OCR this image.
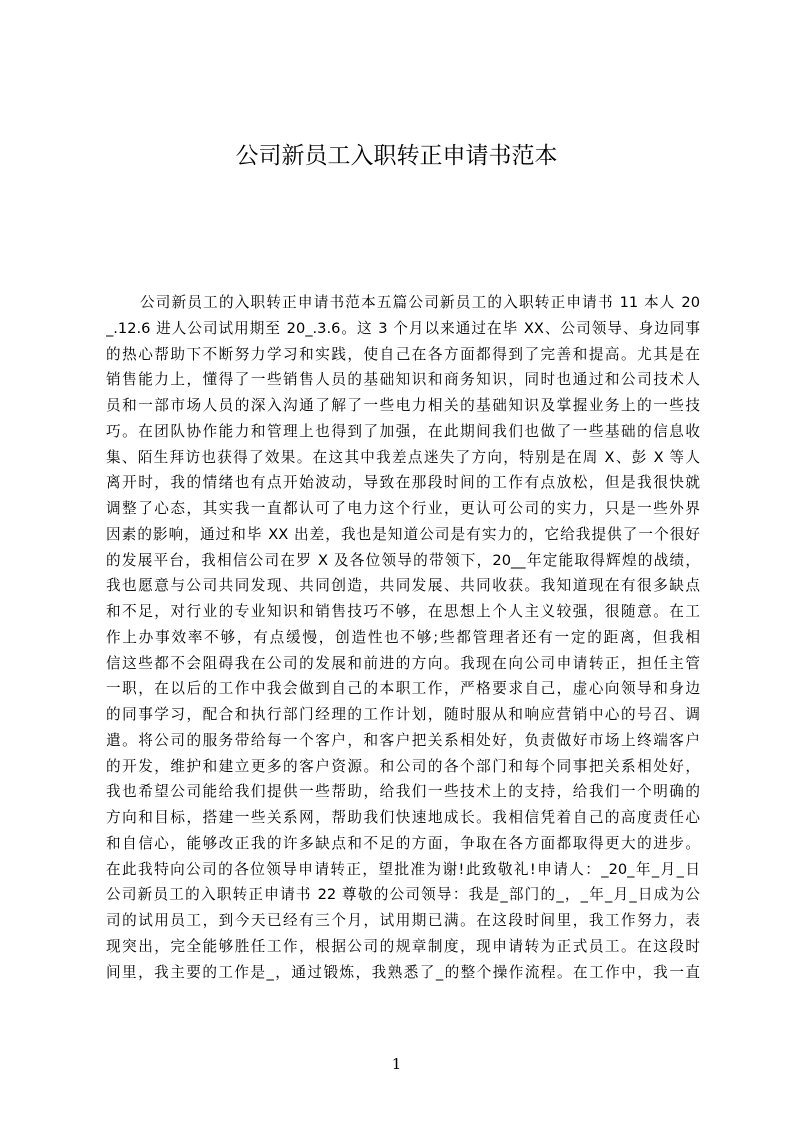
公司新员工入职转正申请书范本
公司新员工的入职转正申请书范本五篇公司新员工的入职转正申请书 11 本人 20
_.12.6 进人公司试用期至 20_.3.6。这 3 个月以来通过在毕 XX、公司领导、身边同事
的热心帮助下不断努力学习和实践，使自己在各方面都得到了完善和提高。尤其是在
销售能力上，懂得了一些销售人员的基础知识和商务知识，同时也通过和公司技术人
员和一部市场人员的深入沟通了解了一些电力相关的基础知识及掌握业务上的一些技
巧。在团队协作能力和管理上也得到了加强，在此期间我们也做了一些基础的信息收
集、陌生拜访也获得了效果。在这其中我差点迷失了方向，特别是在周 X、彭 X 等人
离开时，我的情绪也有点开始波动，导致在那段时间的工作有点放松，但是我很快就
调整了心态，其实我一直都认可了电力这个行业，更认可公司的实力，只是一些外界
因素的影响，通过和毕 XX 出差，我也是知道公司是有实力的，它给我提供了一个很好
的发展平台，我相信公司在罗 X 及各位领导的带领下，20__年定能取得辉煌的战绩，
我也愿意与公司共同发现、共同创造，共同发展、共同收获。我知道现在有很多缺点
和不足，对行业的专业知识和销售技巧不够，在思想上个人主义较强，很随意。在工
作上办事效率不够，有点缓慢，创造性也不够;些都管理者还有一定的距离，但我相
信这些都不会阻碍我在公司的发展和前进的方向。我现在向公司申请转正，担任主管
一职，在以后的工作中我会做到自己的本职工作，严格要求自己，虚心向领导和身边
的同事学习，配合和执行部门经理的工作计划，随时服从和响应营销中心的号召、调
遣。将公司的服务带给每一个客户，和客户把关系相处好，负责做好市场上终端客户
的开发，维护和建立更多的客户资源。和公司的各个部门和每个同事把关系相处好，
我也希望公司能给我们提供一些帮助，给我们一些技术上的支持，给我们一个明确的
方向和目标，搭建一些关系网，帮助我们快速地成长。我相信凭着自己的高度责任心
和自信心，能够改正我的许多缺点和不足的方面，争取在各方面都取得更大的进步。
在此我特向公司的各位领导申请转正，望批准为谢!此致敬礼!申请人：_20_年_月_日
公司新员工的入职转正申请书 22 尊敬的公司领导：我是_部门的_，_年_月_日成为公
司的试用员工，到今天已经有三个月，试用期已满。在这段时间里，我工作努力，表
现突出，完全能够胜任工作，根据公司的规章制度，现申请转为正式员工。在这段时
间里，我主要的工作是_，通过锻炼，我熟悉了_的整个操作流程。在工作中，我一直
1
